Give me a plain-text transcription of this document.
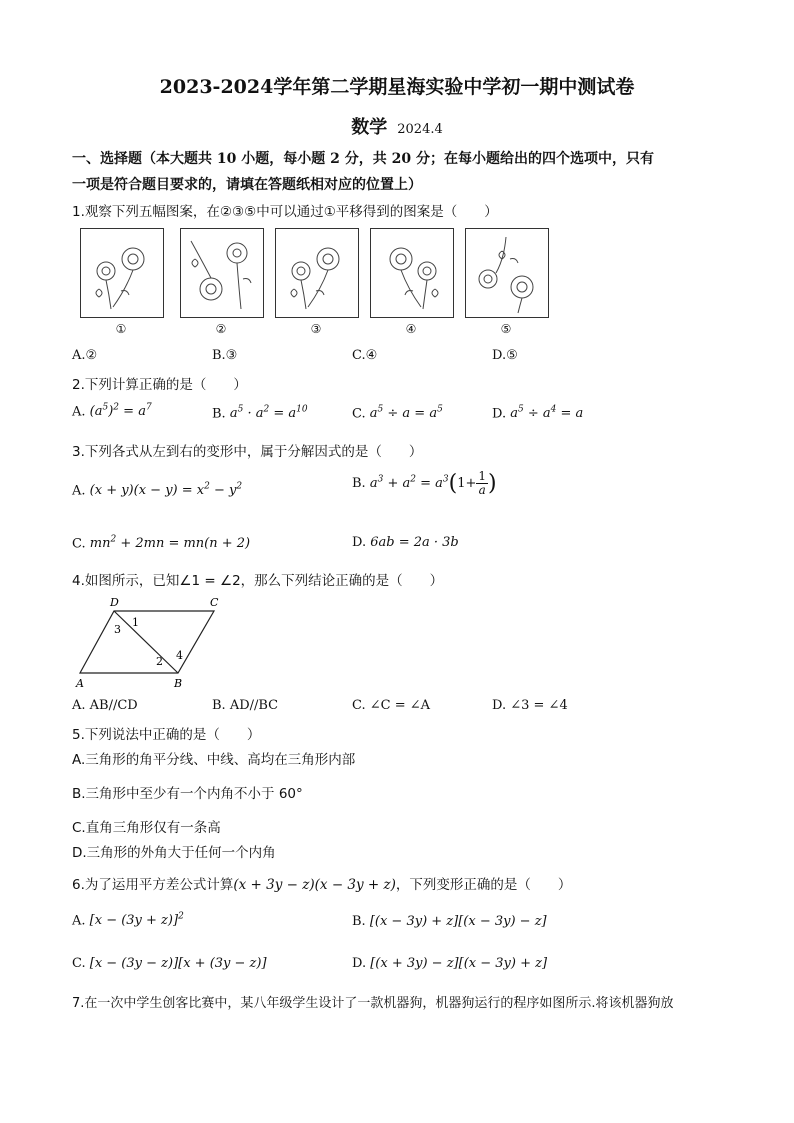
2023-2024学年第二学期星海实验中学初一期中测试卷
数学 2024.4
一、选择题（本大题共 10 小题，每小题 2 分，共 20 分；在每小题给出的四个选项中，只有
一项是符合题目要求的，请填在答题纸相对应的位置上）
1.观察下列五幅图案，在②③⑤中可以通过①平移得到的图案是（　　）
①	②	③	④	⑤
A.②	B.③	C.④	D.⑤
2.下列计算正确的是（　　）
A. $(a^5)^2 = a^7$	B. $a^5 \cdot a^2 = a^{10}$	C. $a^5 \div a = a^5$	D. $a^5 \div a^4 = a$
3.下列各式从左到右的变形中，属于分解因式的是（　　）
A. $(x + y)(x - y) = x^2 - y^2$	B. $a^3 + a^2 = a^3(1+ \frac{1}{a}$ )
C. $mn^2 + 2mn = mn(n + 2)$	D. 6ab = 2a · 3b
4.如图所示，已知∠1 = ∠2，那么下列结论正确的是（　　）
D	C
A	B
1
2
3
4
A. AB//CD	B. AD//BC	C. ∠C = ∠A	D. ∠3 = ∠4
5.下列说法中正确的是（　　）
A.三角形的角平分线、中线、高均在三角形内部
B.三角形中至少有一个内角不小于 60°
C.直角三角形仅有一条高
D.三角形的外角大于任何一个内角
6.为了运用平方差公式计算(x + 3y − z)(x − 3y + z)，下列变形正确的是（　　）
A. $[x - (3y + z)]^2$	B. [(x − 3y) + z][(x − 3y) − z]
C. [x − (3y − z)][x + (3y − z)]	D. [(x + 3y) − z][(x − 3y) + z]
7.在一次中学生创客比赛中，某八年级学生设计了一款机器狗，机器狗运行的程序如图所示.将该机器狗放
